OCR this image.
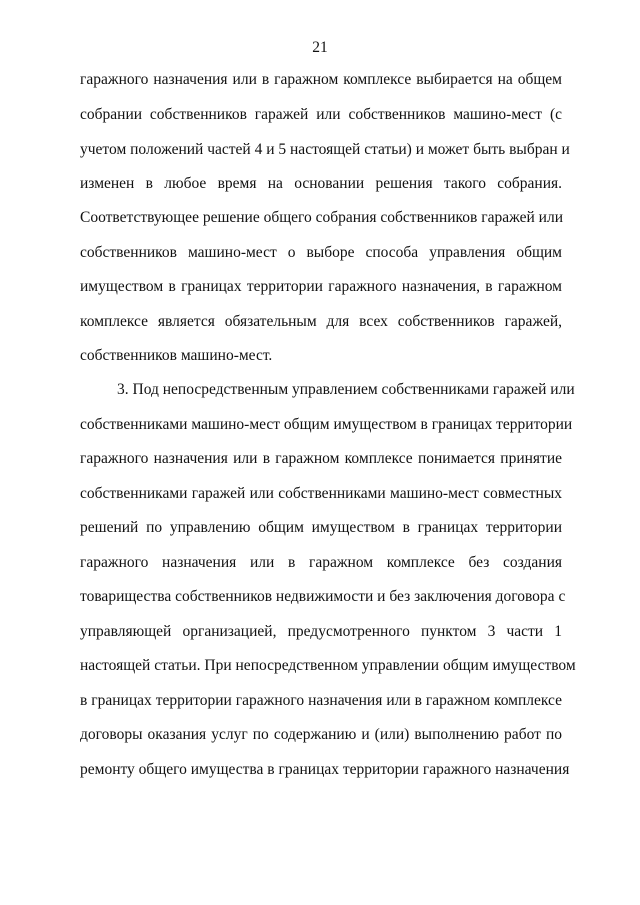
21
гаражного назначения или в гаражном комплексе выбирается на общем
собрании собственников гаражей или собственников машино-мест (с
учетом положений частей 4 и 5 настоящей статьи) и может быть выбран и
изменен в любое время на основании решения такого собрания.
Соответствующее решение общего собрания собственников гаражей или
собственников машино-мест о выборе способа управления общим
имуществом в границах территории гаражного назначения, в гаражном
комплексе является обязательным для всех собственников гаражей,
собственников машино-мест.
3. Под непосредственным управлением собственниками гаражей или
собственниками машино-мест общим имуществом в границах территории
гаражного назначения или в гаражном комплексе понимается принятие
собственниками гаражей или собственниками машино-мест совместных
решений по управлению общим имуществом в границах территории
гаражного назначения или в гаражном комплексе без создания
товарищества собственников недвижимости и без заключения договора с
управляющей организацией, предусмотренного пунктом 3 части 1
настоящей статьи. При непосредственном управлении общим имуществом
в границах территории гаражного назначения или в гаражном комплексе
договоры оказания услуг по содержанию и (или) выполнению работ по
ремонту общего имущества в границах территории гаражного назначения
